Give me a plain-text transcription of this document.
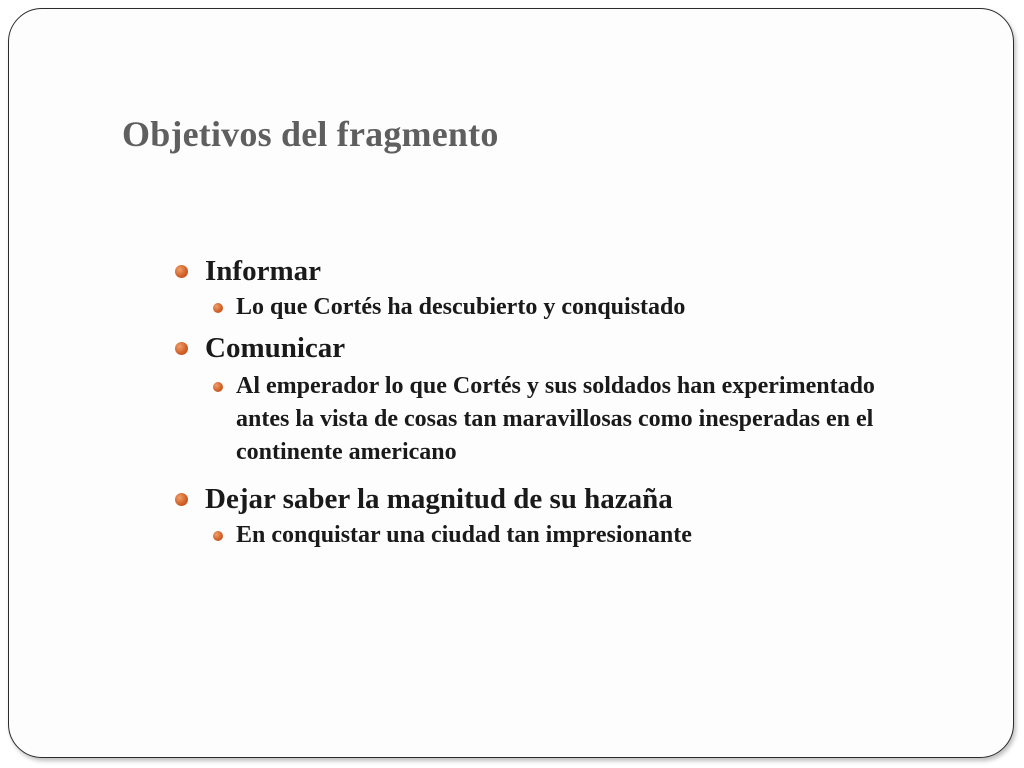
Objetivos del fragmento
Informar
Lo que Cortés ha descubierto y conquistado
Comunicar
Al emperador lo que Cortés y sus soldados han experimentado antes la vista de cosas tan maravillosas como inesperadas en el continente americano
Dejar saber la magnitud de su hazaña
En conquistar una ciudad tan impresionante
